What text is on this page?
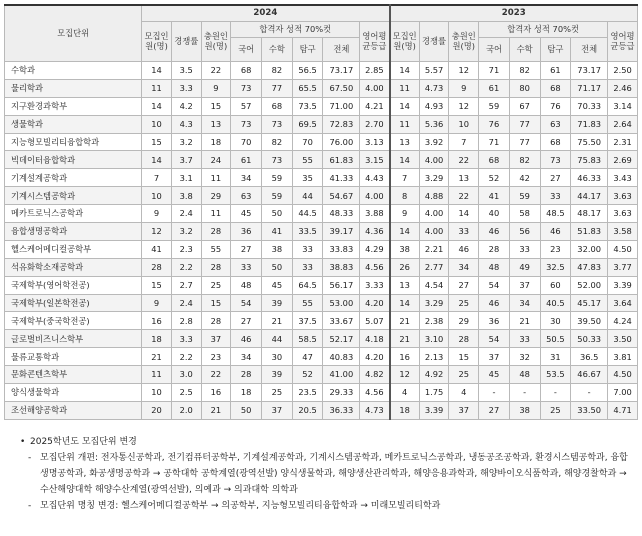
모집단위	2024								2023							
	모집인원(명)	경쟁률	충원인원(명)	합격자 성적 70%컷				영어평균등급	모집인원(명)	경쟁률	충원인원(명)	합격자 성적 70%컷				영어평균등급
				국어	수학	탐구	전체					국어	수학	탐구	전체	
수학과	14	3.5	22	68	82	56.5	73.17	2.85	14	5.57	12	71	82	61	73.17	2.50
물리학과	11	3.3	9	73	77	65.5	67.50	4.00	11	4.73	9	61	80	68	71.17	2.46
지구환경과학부	14	4.2	15	57	68	73.5	71.00	4.21	14	4.93	12	59	67	76	70.33	3.14
생물학과	10	4.3	13	73	73	69.5	72.83	2.70	11	5.36	10	76	77	63	71.83	2.64
지능형모빌리티융합학과	15	3.2	18	70	82	70	76.00	3.13	13	3.92	7	71	77	68	75.50	2.31
빅데이터융합학과	14	3.7	24	61	73	55	61.83	3.15	14	4.00	22	68	82	73	75.83	2.69
기계설계공학과	7	3.1	11	34	59	35	41.33	4.43	7	3.29	13	52	42	27	46.33	3.43
기계시스템공학과	10	3.8	29	63	59	44	54.67	4.00	8	4.88	22	41	59	33	44.17	3.63
메카트로닉스공학과	9	2.4	11	45	50	44.5	48.33	3.88	9	4.00	14	40	58	48.5	48.17	3.63
융합생명공학과	12	3.2	28	36	41	33.5	39.17	4.36	14	4.00	33	46	56	46	51.83	3.58
헬스케어메디컬공학부	41	2.3	55	27	38	33	33.83	4.29	38	2.21	46	28	33	23	32.00	4.50
석유화학소재공학과	28	2.2	28	33	50	33	38.83	4.56	26	2.77	34	48	49	32.5	47.83	3.77
국제학부(영어학전공)	15	2.7	25	48	45	64.5	56.17	3.33	13	4.54	27	54	37	60	52.00	3.39
국제학부(일본학전공)	9	2.4	15	54	39	55	53.00	4.20	14	3.29	25	46	34	40.5	45.17	3.64
국제학부(중국학전공)	16	2.8	28	27	21	37.5	33.67	5.07	21	2.38	29	36	21	30	39.50	4.24
글로벌비즈니스학부	18	3.3	37	46	44	58.5	52.17	4.18	21	3.10	28	54	33	50.5	50.33	3.50
물류교통학과	21	2.2	23	34	30	47	40.83	4.20	16	2.13	15	37	32	31	36.5	3.81
문화콘텐츠학부	11	3.0	22	28	39	52	41.00	4.82	12	4.92	25	45	48	53.5	46.67	4.50
양식생물학과	10	2.5	16	18	25	23.5	29.33	4.56	4	1.75	4	-	-	-	-	7.00
조선해양공학과	20	2.0	21	50	37	20.5	36.33	4.73	18	3.39	37	27	38	25	33.50	4.71
• 2025학년도 모집단위 변경
- 모집단위 개편: 전자통신공학과, 전기컴퓨터공학부, 기계설계공학과, 기계시스템공학과, 메카트로닉스공학과, 냉동공조공학과, 환경시스템공학과, 융합생명공학과, 화공생명공학과 → 공학대학 공학계열(광역선발) 양식생물학과, 해양생산관리학과, 해양응용과학과, 해양바이오식품학과, 해양경찰학과 → 수산해양대학 해양수산계열(광역선발), 의예과 → 의과대학 의학과
- 모집단위 명칭 변경: 헬스케어메디컬공학부 → 의공학부, 지능형모빌리티융합학과 → 미래모빌리티학과
